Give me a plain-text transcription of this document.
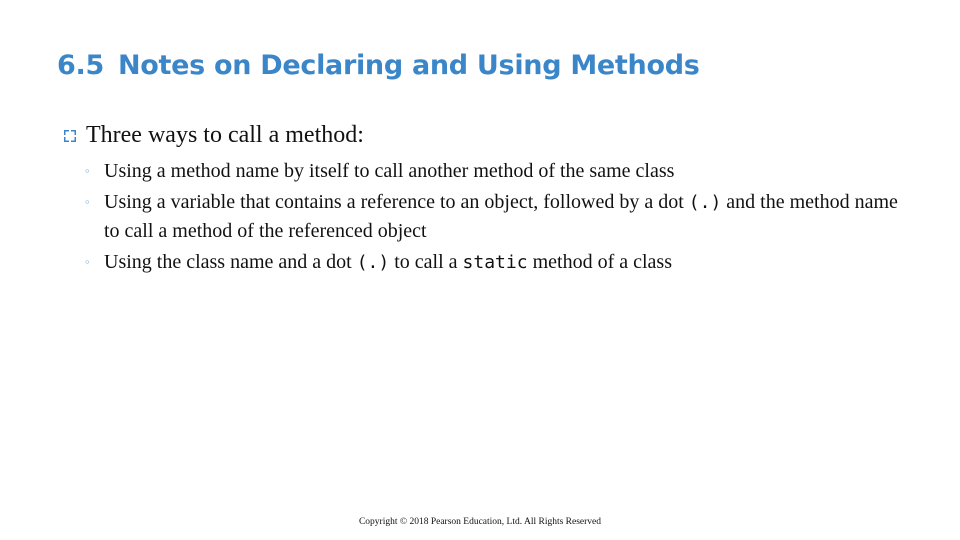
6.5 Notes on Declaring and Using Methods
Three ways to call a method:
◦ Using a method name by itself to call another method of the same class
◦ Using a variable that contains a reference to an object, followed by a dot (.) and the method name to call a method of the referenced object
◦ Using the class name and a dot (.) to call a static method of a class
Copyright © 2018 Pearson Education, Ltd. All Rights Reserved
